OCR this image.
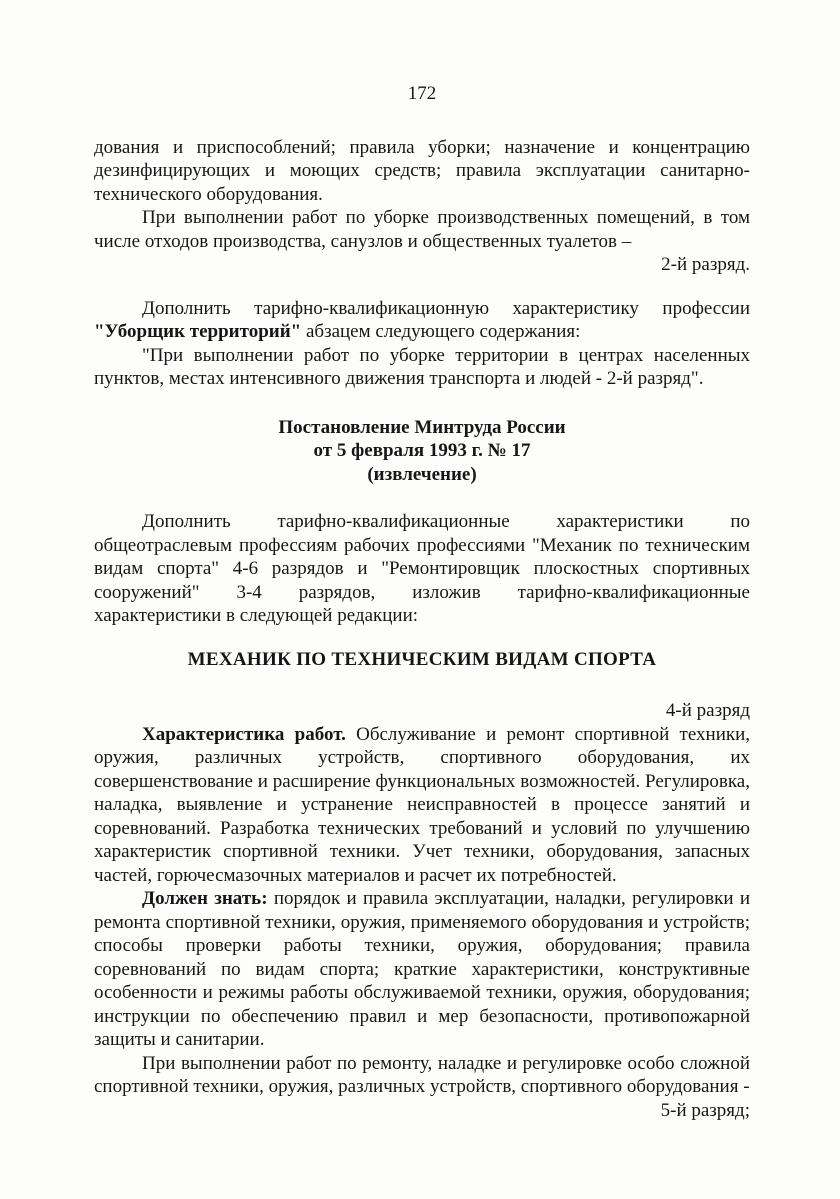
172

дования и приспособлений; правила уборки; назначение и концентрацию дезинфицирующих и моющих средств; правила эксплуатации санитарно-технического оборудования.

При выполнении работ по уборке производственных помещений, в том числе отходов производства, санузлов и общественных туалетов –
2-й разряд.

Дополнить тарифно-квалификационную характеристику профессии "Уборщик территорий" абзацем следующего содержания:

"При выполнении работ по уборке территории в центрах населенных пунктов, местах интенсивного движения транспорта и людей - 2-й разряд".

Постановление Минтруда России
от 5 февраля 1993 г. № 17
(извлечение)

Дополнить тарифно-квалификационные характеристики по общеотраслевым профессиям рабочих профессиями "Механик по техническим видам спорта" 4-6 разрядов и "Ремонтировщик плоскостных спортивных сооружений" 3-4 разрядов, изложив тарифно-квалификационные характеристики в следующей редакции:

МЕХАНИК ПО ТЕХНИЧЕСКИМ ВИДАМ СПОРТА
4-й разряд

Характеристика работ. Обслуживание и ремонт спортивной техники, оружия, различных устройств, спортивного оборудования, их совершенствование и расширение функциональных возможностей. Регулировка, наладка, выявление и устранение неисправностей в процессе занятий и соревнований. Разработка технических требований и условий по улучшению характеристик спортивной техники. Учет техники, оборудования, запасных частей, горючесмазочных материалов и расчет их потребностей.

Должен знать: порядок и правила эксплуатации, наладки, регулировки и ремонта спортивной техники, оружия, применяемого оборудования и устройств; способы проверки работы техники, оружия, оборудования; правила соревнований по видам спорта; краткие характеристики, конструктивные особенности и режимы работы обслуживаемой техники, оружия, оборудования; инструкции по обеспечению правил и мер безопасности, противопожарной защиты и санитарии.

При выполнении работ по ремонту, наладке и регулировке особо сложной спортивной техники, оружия, различных устройств, спортивного оборудования -
5-й разряд;
